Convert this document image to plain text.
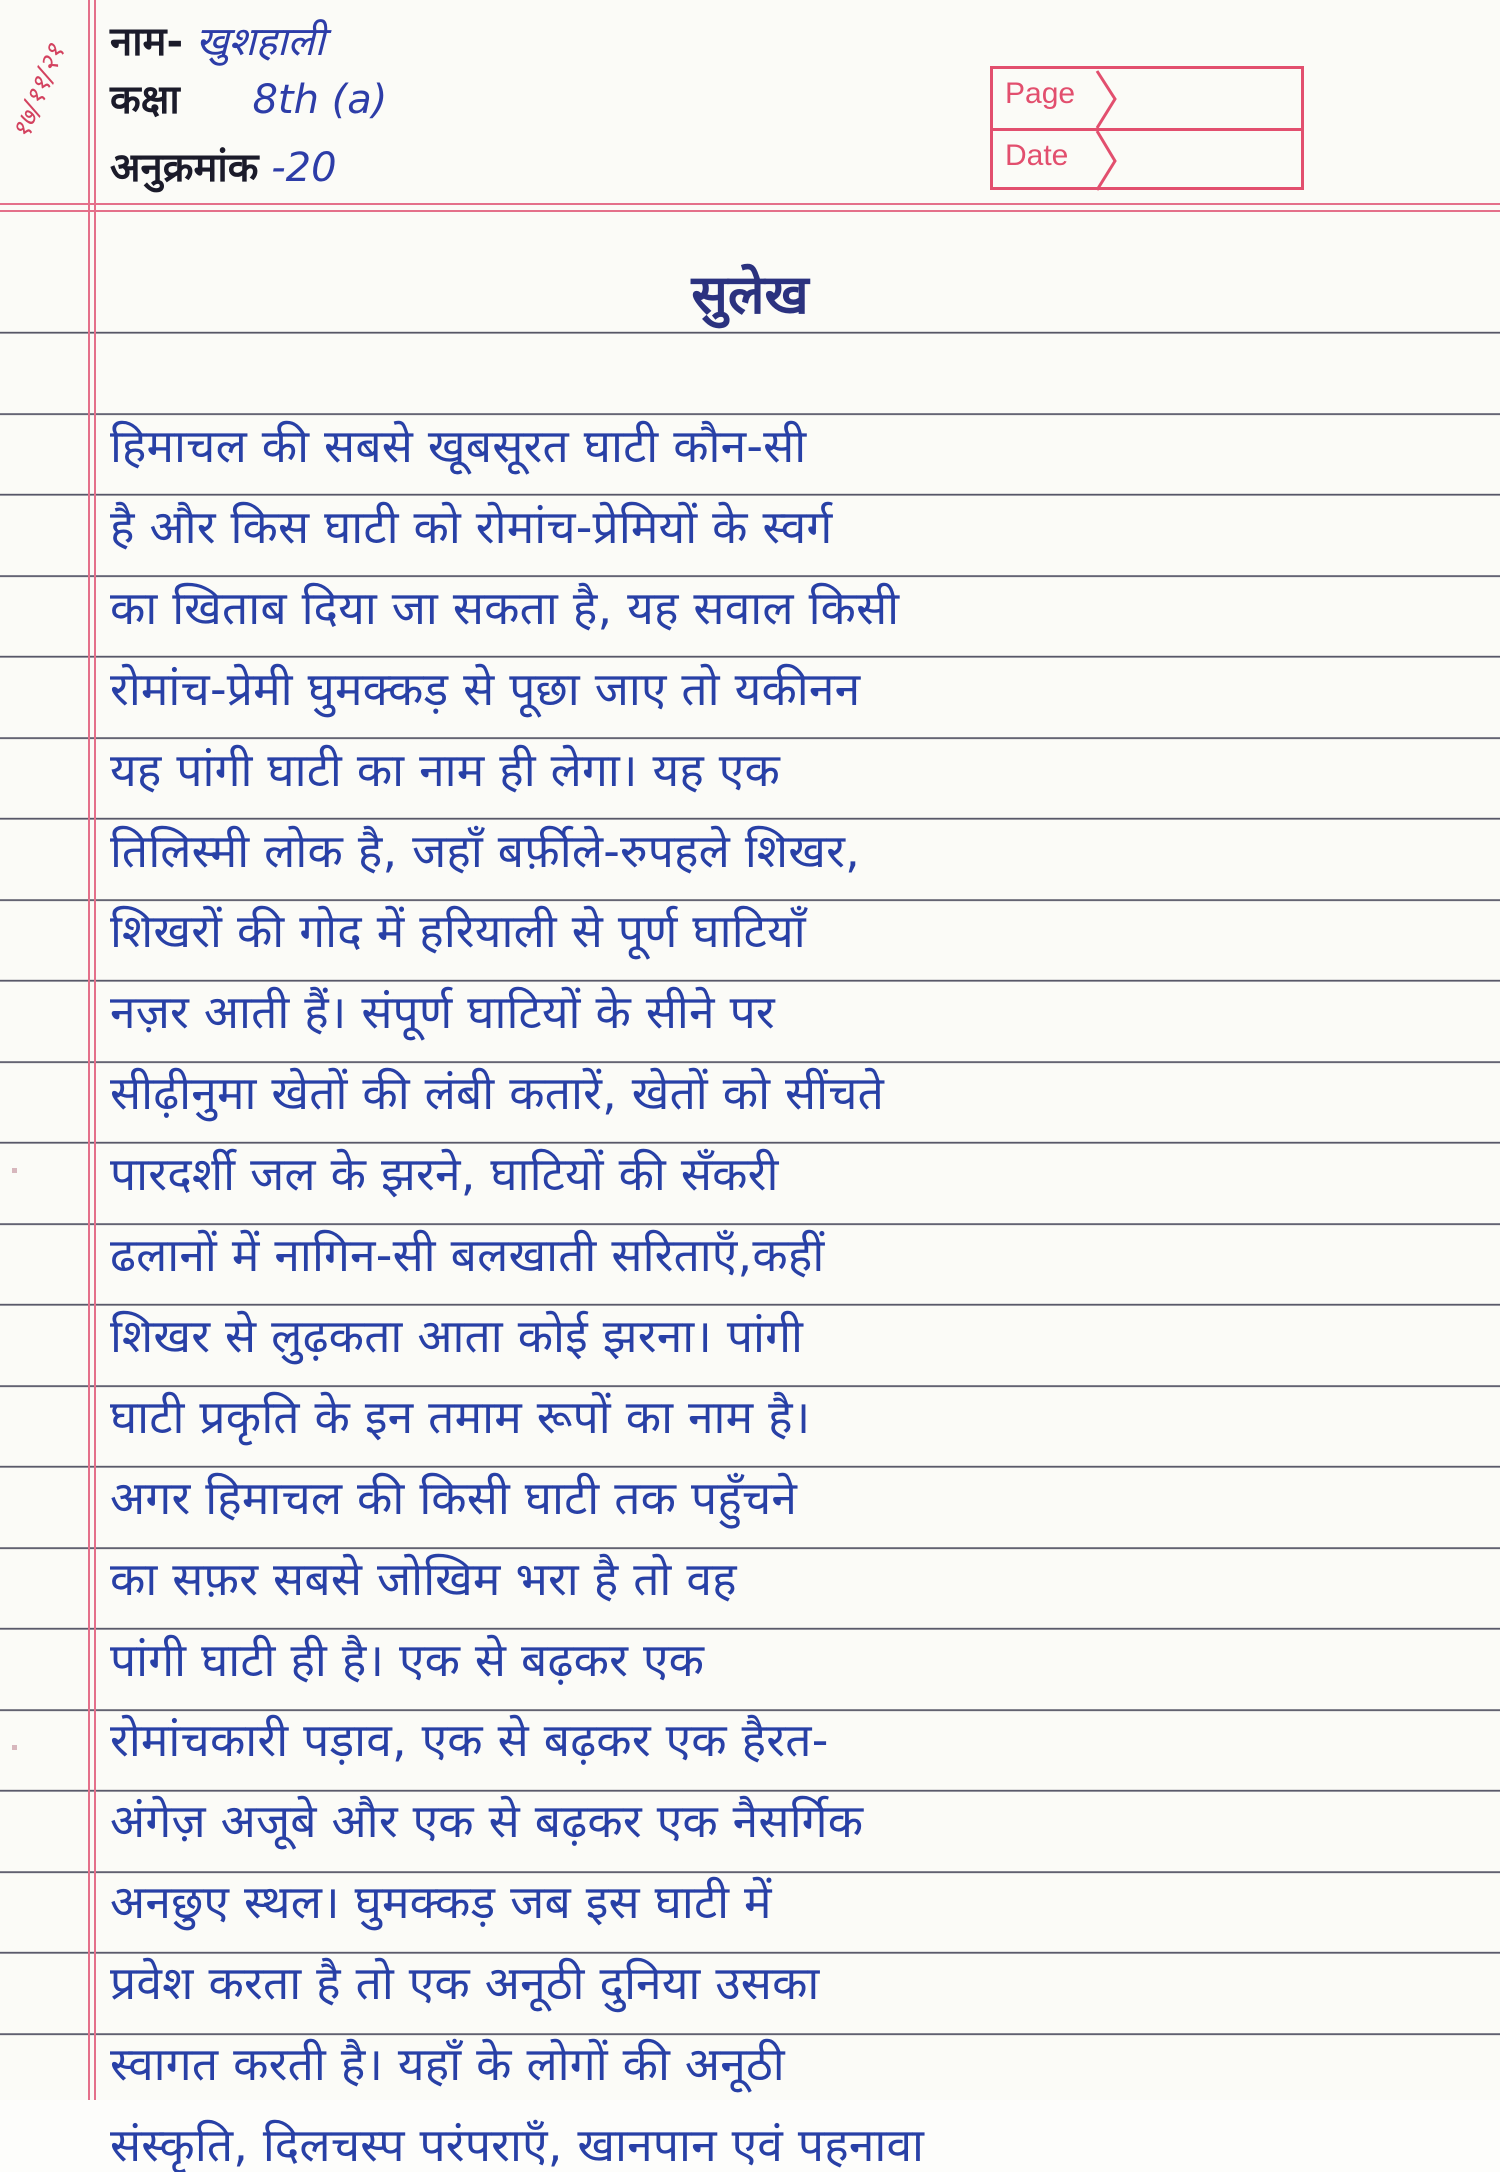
१७/११/२१ नाम- खुशहाली
कक्षा 8th (a)
अनुक्रमांक -20
Page
Date
सुलेख
हिमाचल की सबसे खूबसूरत घाटी कौन-सी
है और किस घाटी को रोमांच-प्रेमियों के स्वर्ग
का खिताब दिया जा सकता है, यह सवाल किसी
रोमांच-प्रेमी घुमक्कड़ से पूछा जाए तो यकीनन
यह पांगी घाटी का नाम ही लेगा। यह एक
तिलिस्मी लोक है, जहाँ बर्फ़ीले-रुपहले शिखर,
शिखरों की गोद में हरियाली से पूर्ण घाटियाँ
नज़र आती हैं। संपूर्ण घाटियों के सीने पर
सीढ़ीनुमा खेतों की लंबी कतारें, खेतों को सींचते
पारदर्शी जल के झरने, घाटियों की सँकरी
ढलानों में नागिन-सी बलखाती सरिताएँ,कहीं
शिखर से लुढ़कता आता कोई झरना। पांगी
घाटी प्रकृति के इन तमाम रूपों का नाम है।
अगर हिमाचल की किसी घाटी तक पहुँचने
का सफ़र सबसे जोखिम भरा है तो वह
पांगी घाटी ही है। एक से बढ़कर एक
रोमांचकारी पड़ाव, एक से बढ़कर एक हैरत-
अंगेज़ अजूबे और एक से बढ़कर एक नैसर्गिक
अनछुए स्थल। घुमक्कड़ जब इस घाटी में
प्रवेश करता है तो एक अनूठी दुनिया उसका
स्वागत करती है। यहाँ के लोगों की अनूठी
संस्कृति, दिलचस्प परंपराएँ, खानपान एवं पहनावा
